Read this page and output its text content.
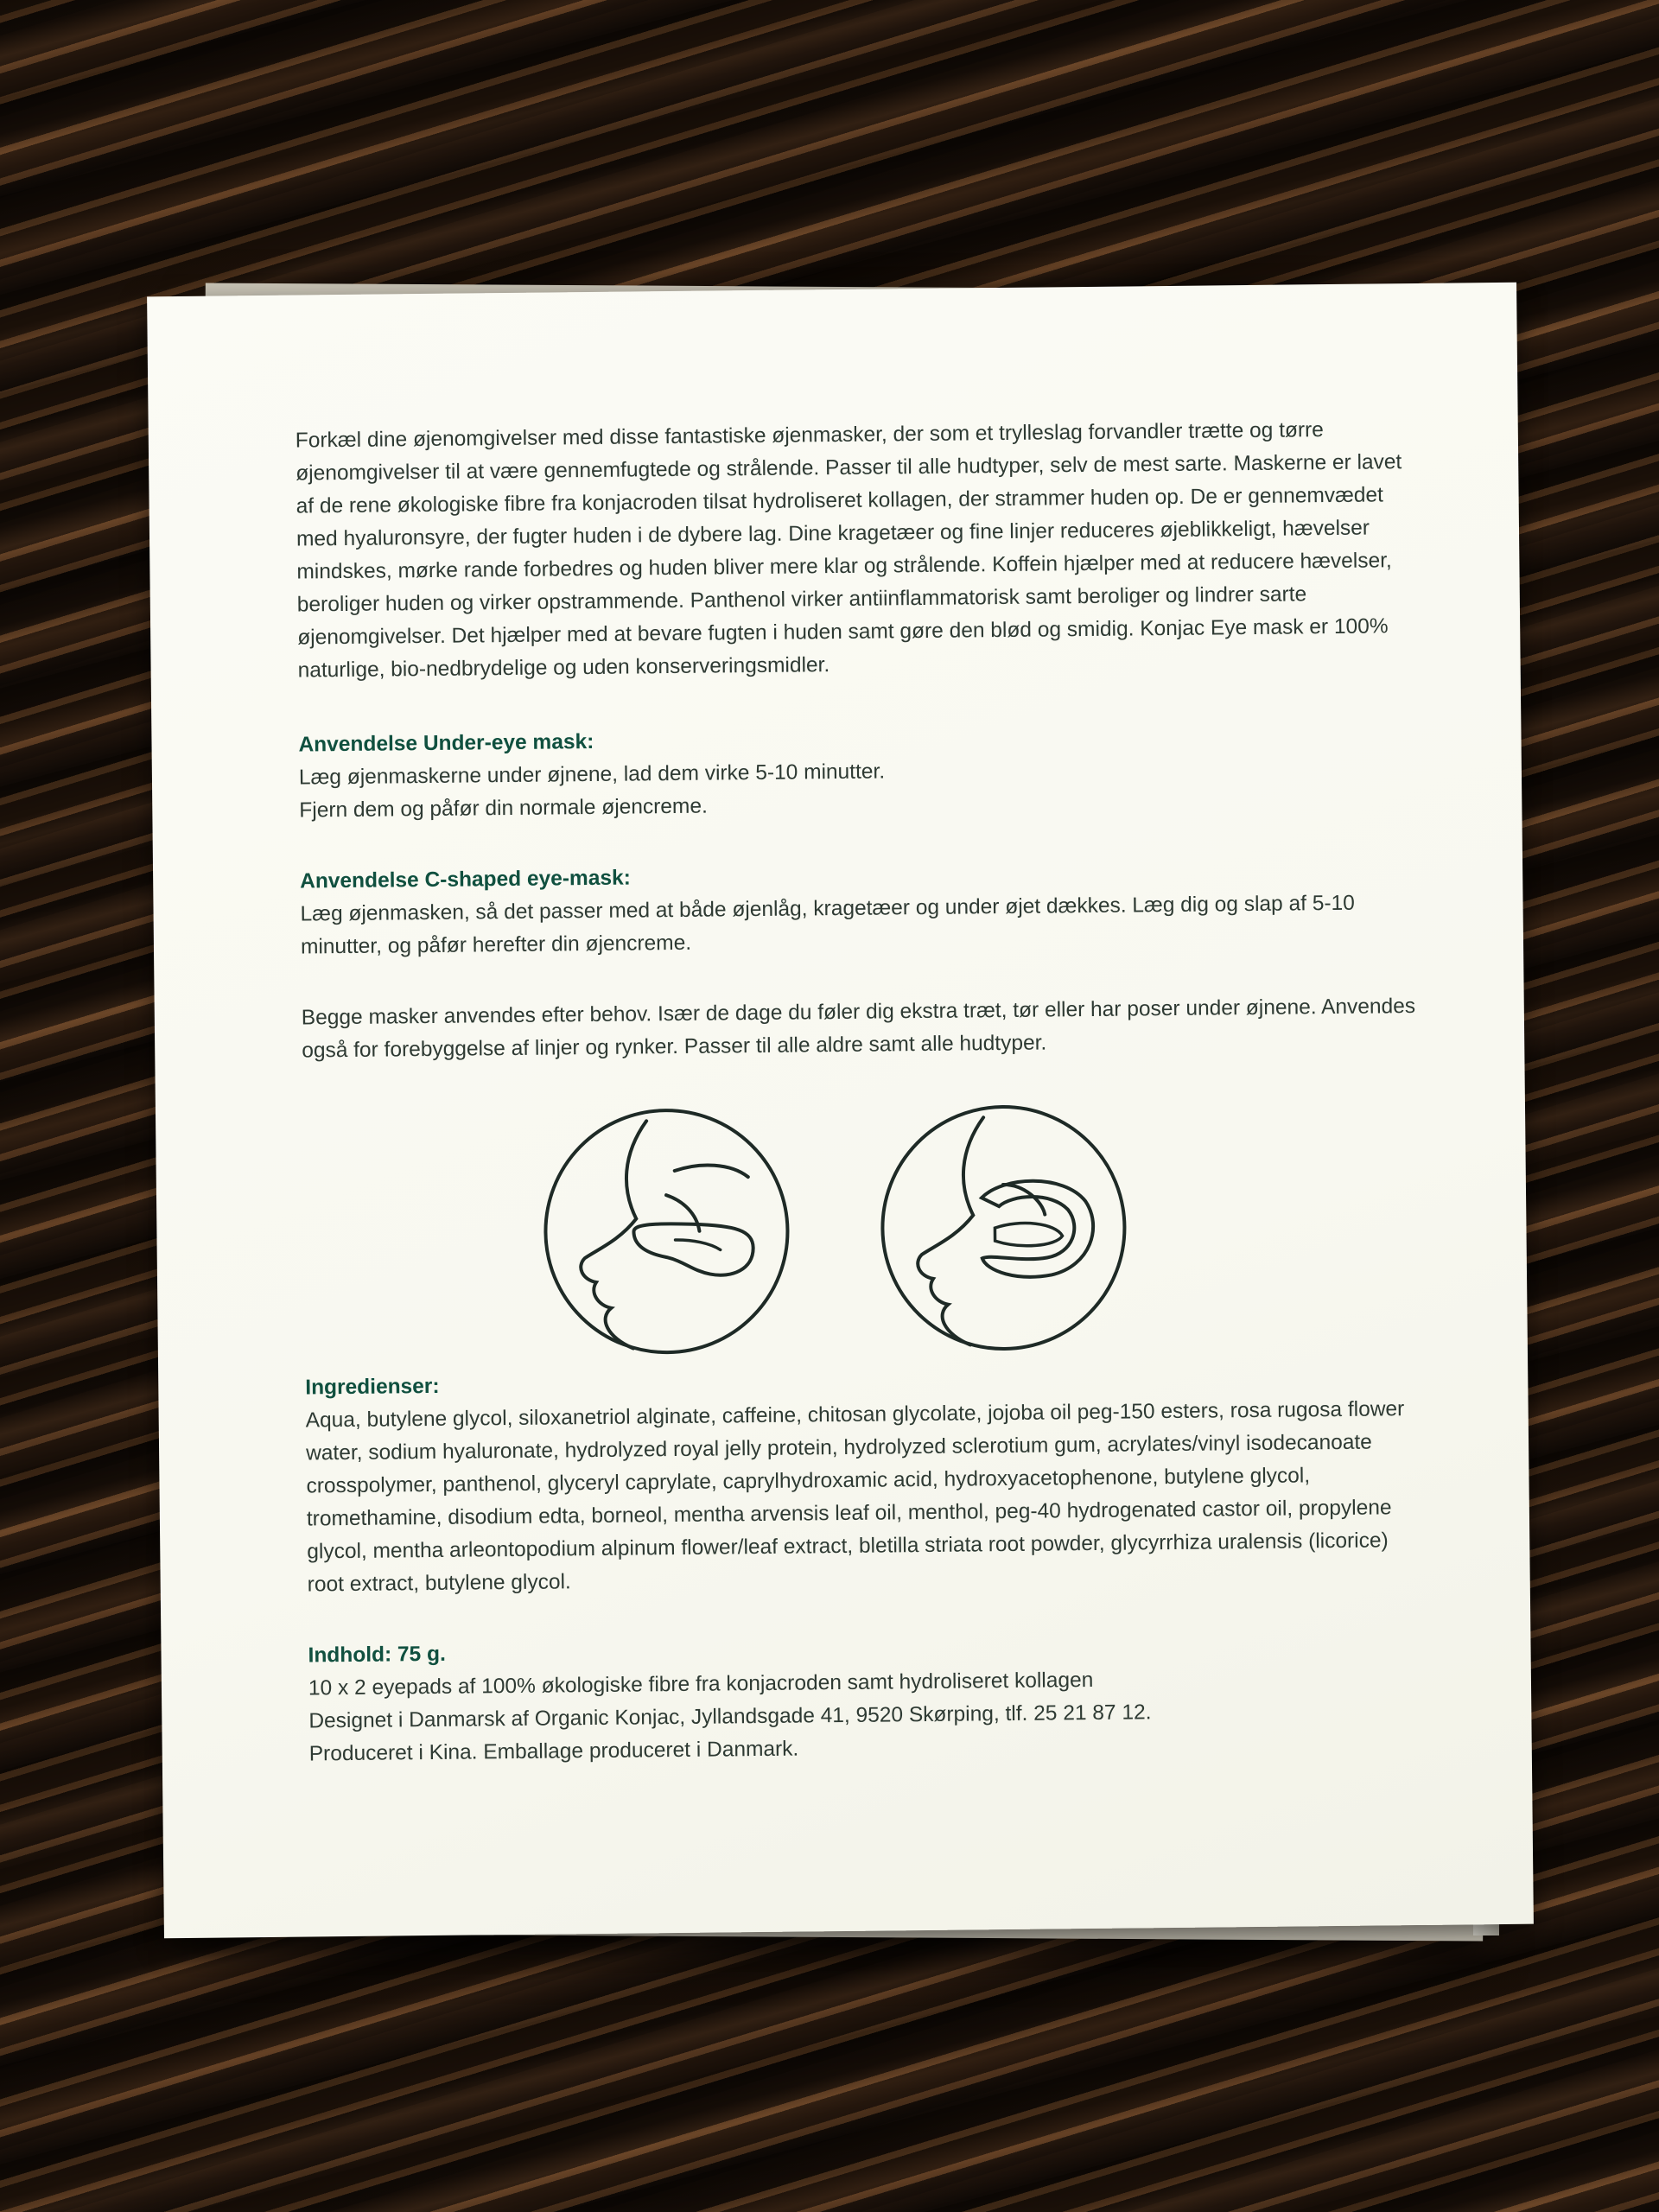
Forkæl dine øjenomgivelser med disse fantastiske øjenmasker, der som et trylleslag forvandler trætte og tørre øjenomgivelser til at være gennemfugtede og strålende. Passer til alle hudtyper, selv de mest sarte. Maskerne er lavet af de rene økologiske fibre fra konjacroden tilsat hydroliseret kollagen, der strammer huden op. De er gennemvædet med hyaluronsyre, der fugter huden i de dybere lag. Dine kragetæer og fine linjer reduceres øjeblikkeligt, hævelser mindskes, mørke rande forbedres og huden bliver mere klar og strålende. Koffein hjælper med at reducere hævelser, beroliger huden og virker opstrammende. Panthenol virker antiinflammatorisk samt beroliger og lindrer sarte øjenomgivelser. Det hjælper med at bevare fugten i huden samt gøre den blød og smidig. Konjac Eye mask er 100% naturlige, bio-nedbrydelige og uden konserveringsmidler.

Anvendelse Under-eye mask:
Læg øjenmaskerne under øjnene, lad dem virke 5-10 minutter.
Fjern dem og påfør din normale øjencreme.
Anvendelse C-shaped eye-mask:
Læg øjenmasken, så det passer med at både øjenlåg, kragetæer og under øjet dækkes. Læg dig og slap af 5-10 minutter, og påfør herefter din øjencreme.
Begge masker anvendes efter behov. Især de dage du føler dig ekstra træt, tør eller har poser under øjnene. Anvendes også for forebyggelse af linjer og rynker. Passer til alle aldre samt alle hudtyper.
Ingredienser:
Aqua, butylene glycol, siloxanetriol alginate, caffeine, chitosan glycolate, jojoba oil peg-150 esters, rosa rugosa flower water, sodium hyaluronate, hydrolyzed royal jelly protein, hydrolyzed sclerotium gum, acrylates/vinyl isodecanoate crosspolymer, panthenol, glyceryl caprylate, caprylhydroxamic acid, hydroxyacetophenone, butylene glycol, tromethamine, disodium edta, borneol, mentha arvensis leaf oil, menthol, peg-40 hydrogenated castor oil, propylene glycol, mentha arleontopodium alpinum flower/leaf extract, bletilla striata root powder, glycyrrhiza uralensis (licorice) root extract, butylene glycol.
Indhold: 75 g.
10 x 2 eyepads af 100% økologiske fibre fra konjacroden samt hydroliseret kollagen
Designet i Danmarsk af Organic Konjac, Jyllandsgade 41, 9520 Skørping, tlf. 25 21 87 12.
Produceret i Kina. Emballage produceret i Danmark.
